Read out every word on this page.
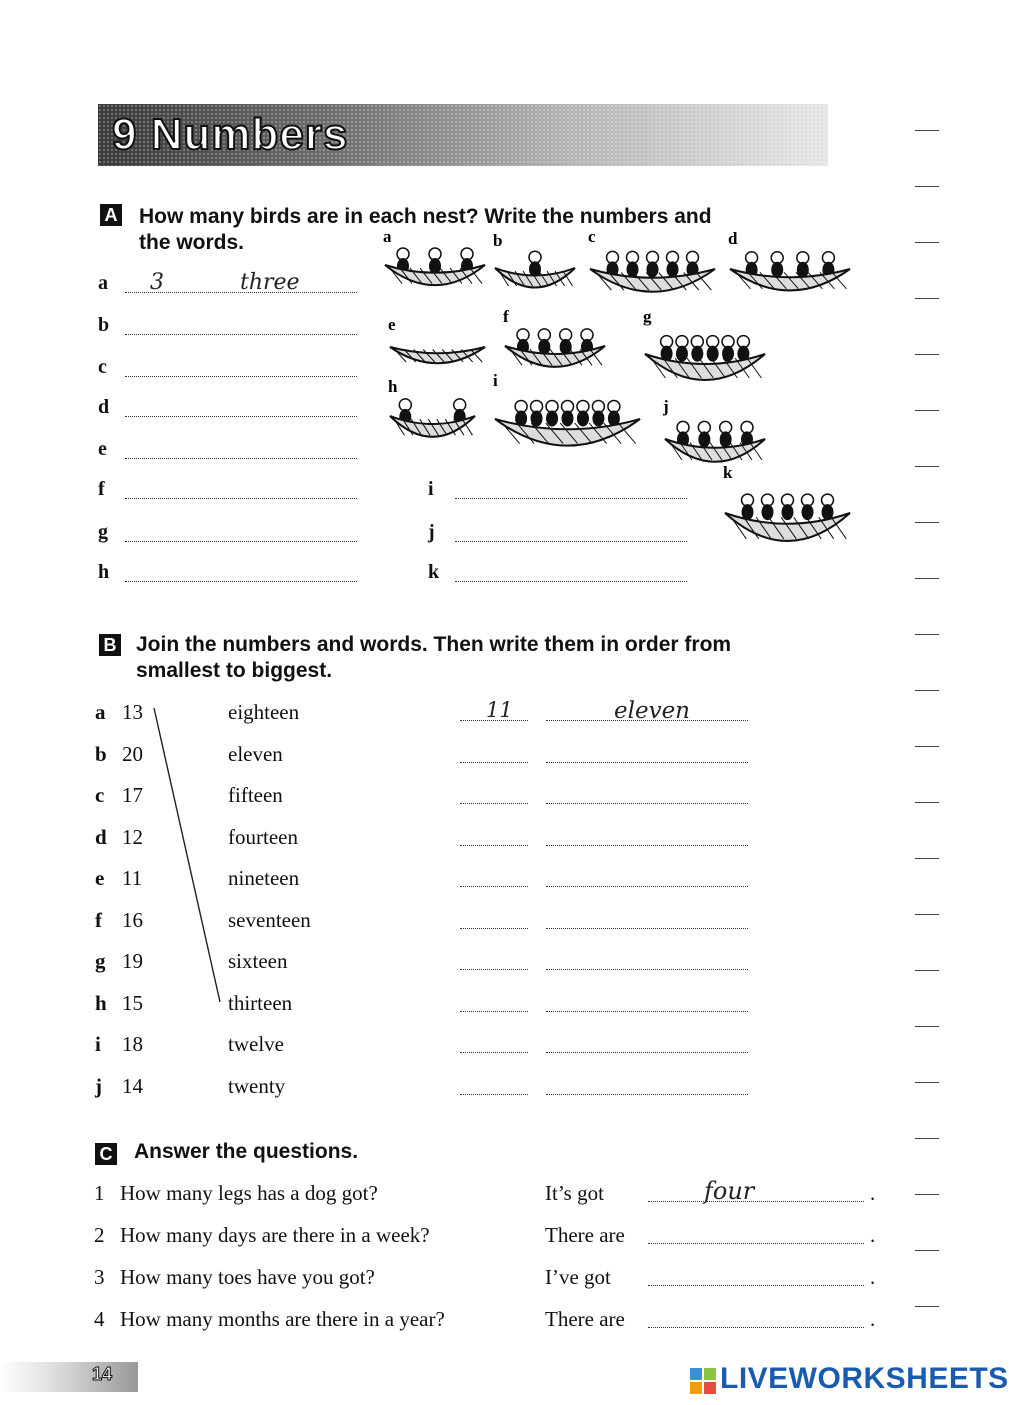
9 Numbers
A How many birds are in each nest? Write the numbers and
the words.	a	b	c	d
e	f	g
h	i
j
k
B Join the numbers and words. Then write them in order from
smallest to biggest.
C Answer the questions.
14	LIVEWORKSHEETS
a 3	three
b
c
d
e
f
g
h
i
j
k
a 13	eighteen	11	eleven
b 20	eleven
c 17	fifteen
d 12	fourteen
e 11	nineteen
f 16	seventeen
g 19	sixteen
h 15	thirteen
i 18	twelve
j 14	twenty
1 How many legs has a dog got?	It’s got	four	.
2 How many days are there in a week?	There are	.
3 How many toes have you got?	I’ve got	.
4 How many months are there in a year?	There are	.
